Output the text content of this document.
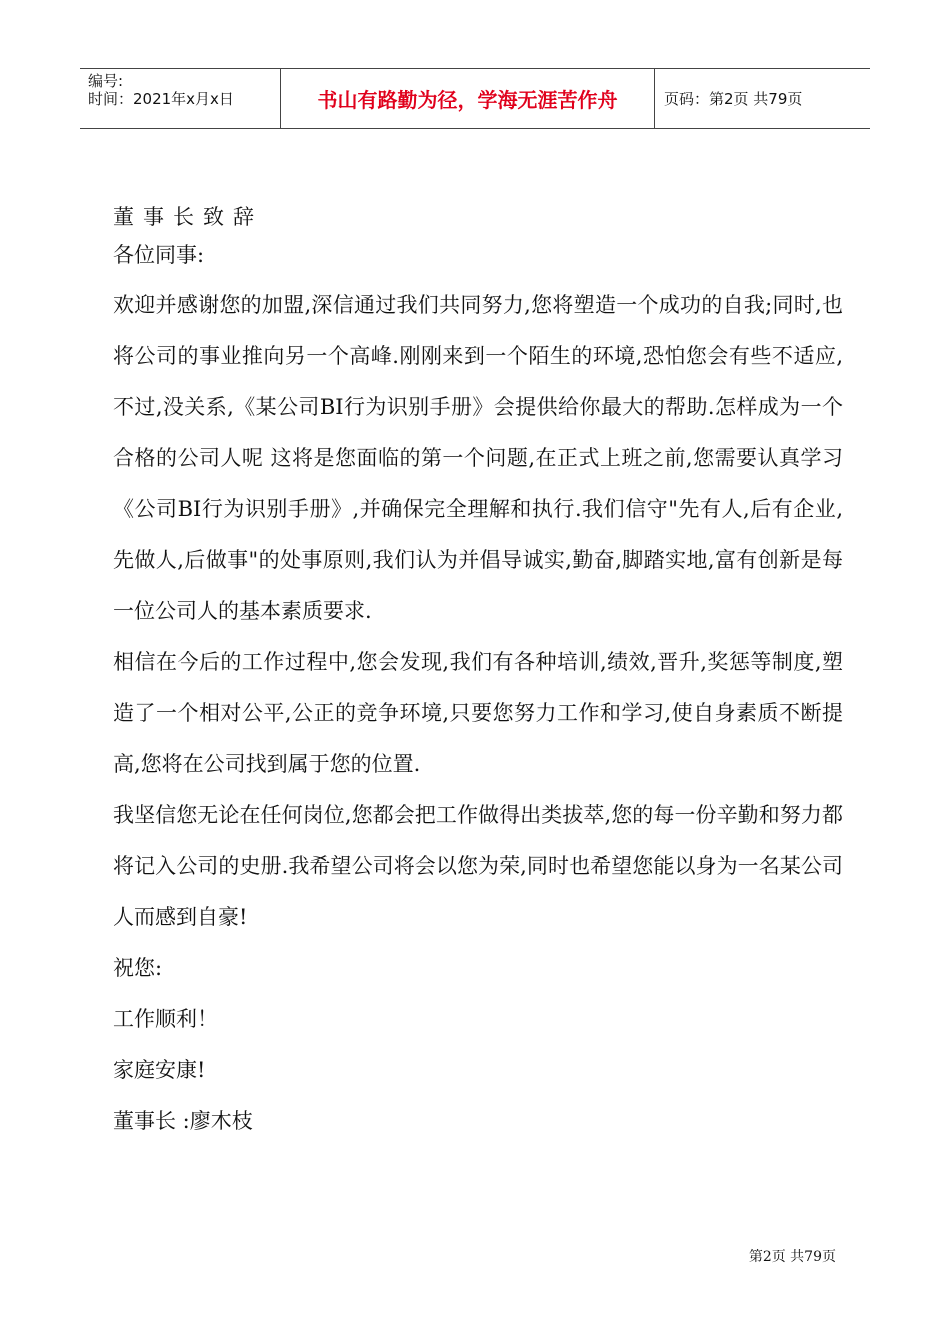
编号:
时间：2021年x月x日	书山有路勤为径，学海无涯苦作舟	页码：第2页 共79页
董事长致辞
各位同事:
欢迎并感谢您的加盟,深信通过我们共同努力,您将塑造一个成功的自我;同时,也将公司的事业推向另一个高峰.刚刚来到一个陌生的环境,恐怕您会有些不适应,不过,没关系,《某公司BI行为识别手册》会提供给你最大的帮助.怎样成为一个合格的公司人呢 这将是您面临的第一个问题,在正式上班之前,您需要认真学习《公司BI行为识别手册》,并确保完全理解和执行.我们信守"先有人,后有企业,先做人,后做事"的处事原则,我们认为并倡导诚实,勤奋,脚踏实地,富有创新是每一位公司人的基本素质要求.
相信在今后的工作过程中,您会发现,我们有各种培训,绩效,晋升,奖惩等制度,塑造了一个相对公平,公正的竞争环境,只要您努力工作和学习,使自身素质不断提高,您将在公司找到属于您的位置.
我坚信您无论在任何岗位,您都会把工作做得出类拔萃,您的每一份辛勤和努力都将记入公司的史册.我希望公司将会以您为荣,同时也希望您能以身为一名某公司人而感到自豪!
祝您:
工作顺利！
家庭安康!
董事长 :廖木枝
第2页 共79页
